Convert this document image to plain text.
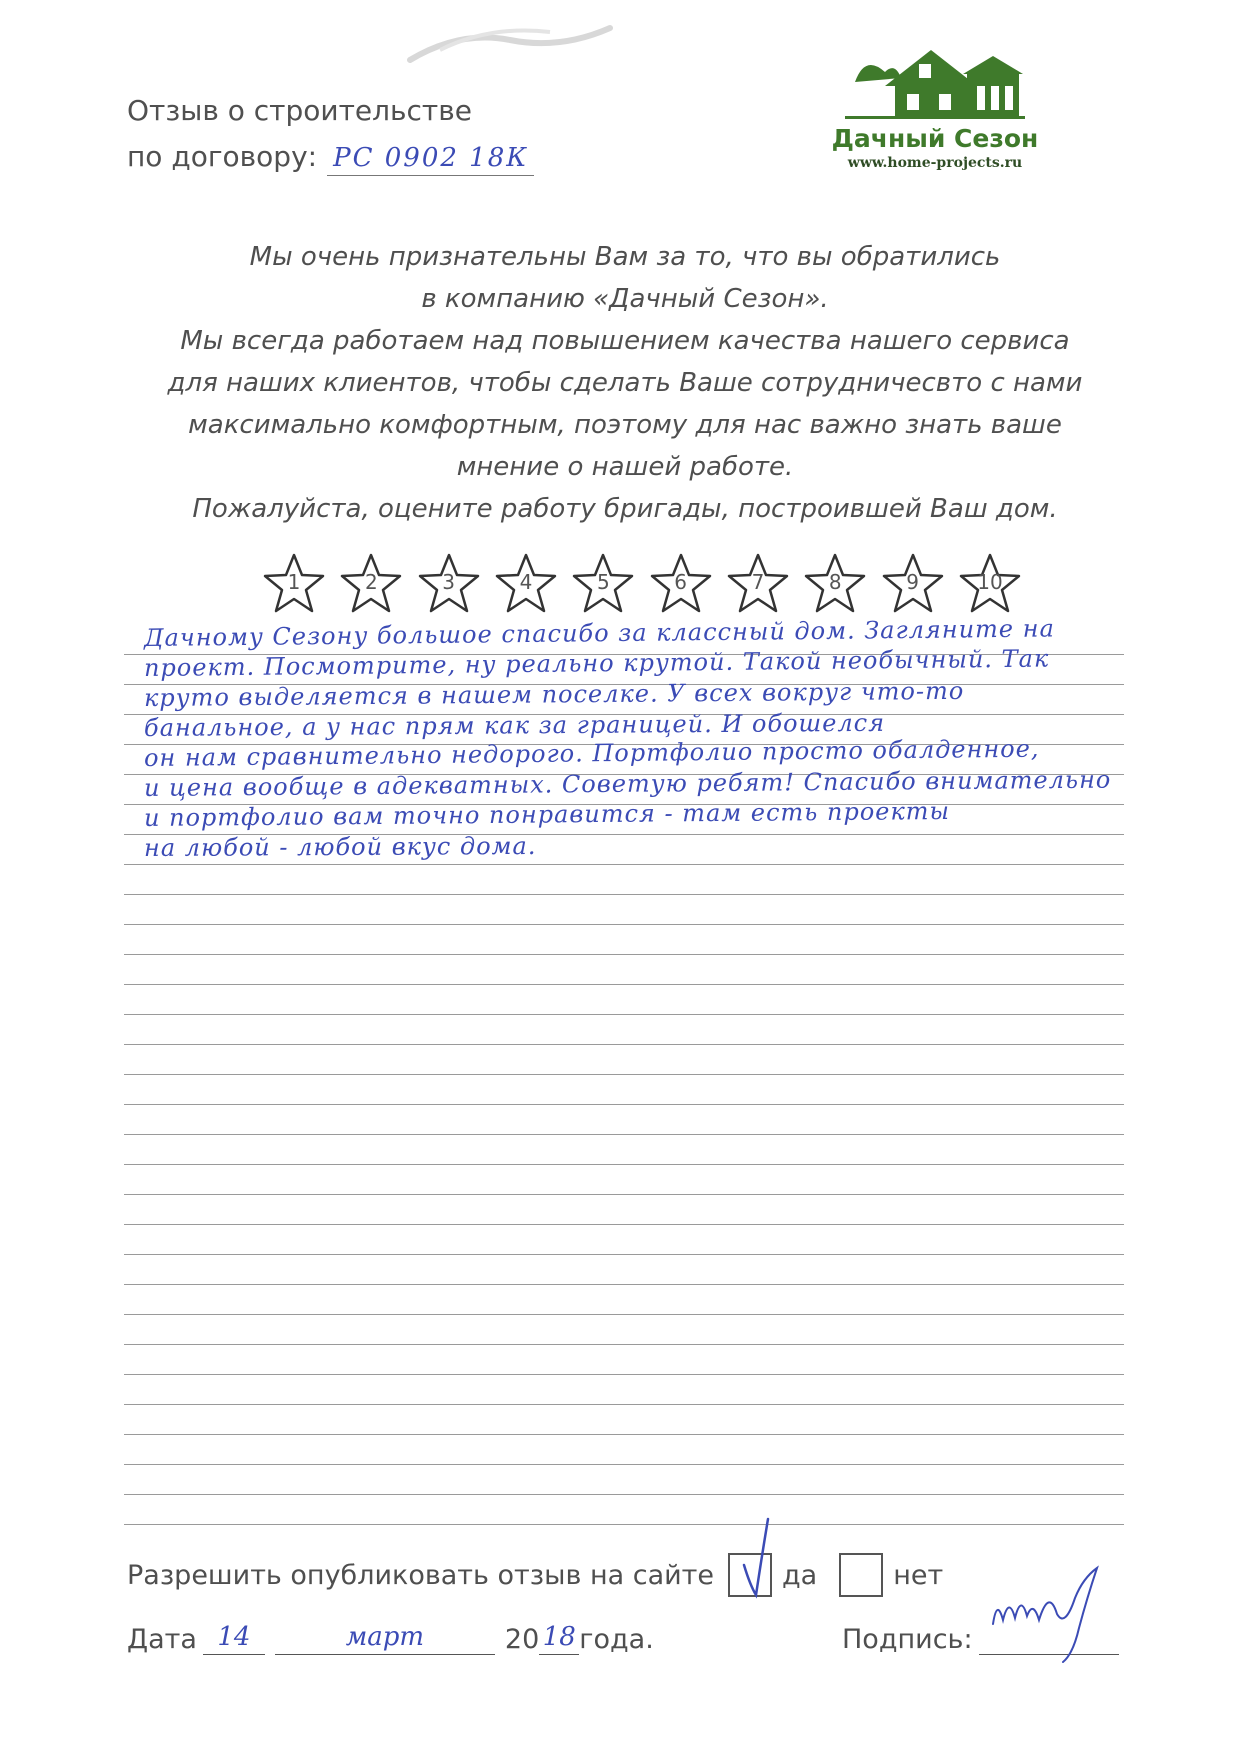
Отзыв о строительстве
по договору: РС 0902 18К
Дачный Сезон
www.home-projects.ru
Мы очень признательны Вам за то, что вы обратились
в компанию «Дачный Сезон».
Мы всегда работаем над повышением качества нашего сервиса
для наших клиентов, чтобы сделать Ваше сотрудничесвто с нами
максимально комфортным, поэтому для нас важно знать ваше
мнение о нашей работе.
Пожалуйста, оцените работу бригады, построившей Ваш дом.
1	2	3	4	5	6	7	8	9	10
Дачному Сезону большое спасибо за классный дом. Загляните на
проект. Посмотрите, ну реально крутой. Такой необычный. Так
круто выделяется в нашем поселке. У всех вокруг что-то
банальное, а у нас прям как за границей. И обошелся
он нам сравнительно недорого. Портфолио просто обалденное,
и цена вообще в адекватных. Советую ребят! Спасибо внимательно
и портфолио вам точно понравится - там есть проекты
на любой - любой вкус дома.
Разрешить опубликовать отзыв на сайте	да	нет
Дата 14	март	20 18 года.	Подпись:
